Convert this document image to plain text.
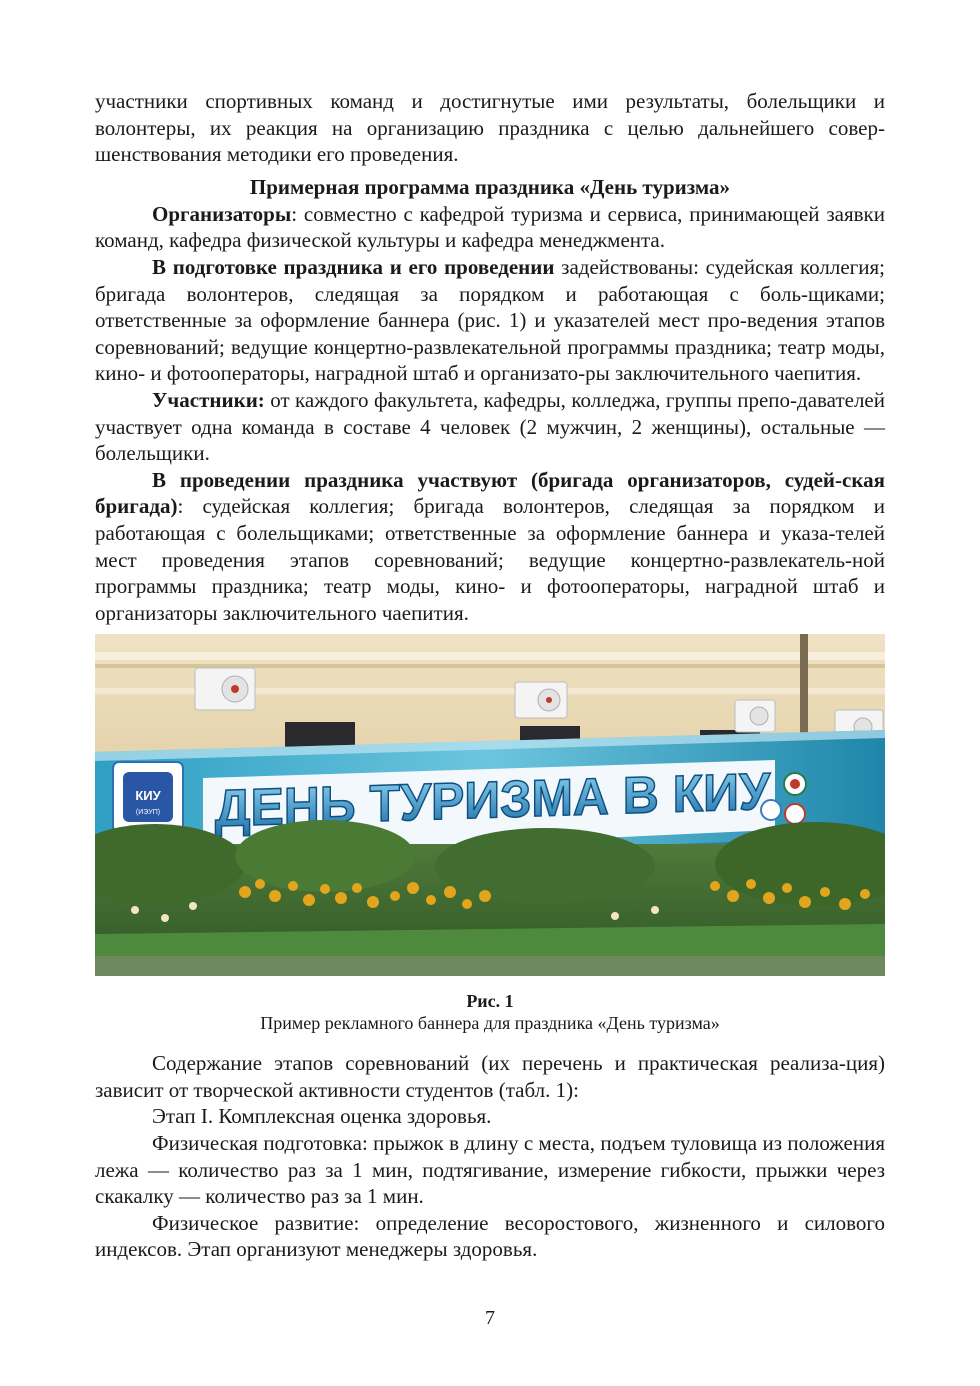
участники спортивных команд и достигнутые ими результаты, болельщики и волонтеры, их реакция на организацию праздника с целью дальнейшего совер-шенствования методики его проведения.

Примерная программа праздника «День туризма»

Организаторы: совместно с кафедрой туризма и сервиса, принимающей заявки команд, кафедра физической культуры и кафедра менеджмента.

В подготовке праздника и его проведении задействованы: судейская коллегия; бригада волонтеров, следящая за порядком и работающая с боль-щиками; ответственные за оформление баннера (рис. 1) и указателей мест про-ведения этапов соревнований; ведущие концертно-развлекательной программы праздника; театр моды, кино- и фотооператоры, наградной штаб и организато-ры заключительного чаепития.

Участники: от каждого факультета, кафедры, колледжа, группы препо-давателей участвует одна команда в составе 4 человек (2 мужчин, 2 женщины), остальные — болельщики.

В проведении праздника участвуют (бригада организаторов, судей-ская бригада): судейская коллегия; бригада волонтеров, следящая за порядком и работающая с болельщиками; ответственные за оформление баннера и указа-телей мест проведения этапов соревнований; ведущие концертно-развлекатель-ной программы праздника; театр моды, кино- и фотооператоры, наградной штаб и организаторы заключительного чаепития.

КИУ
(ИЭУП) ДЕНЬ ТУРИЗМА В КИУ

Рис. 1

Пример рекламного баннера для праздника «День туризма»

Содержание этапов соревнований (их перечень и практическая реализа-ция) зависит от творческой активности студентов (табл. 1):

Этап I. Комплексная оценка здоровья.

Физическая подготовка: прыжок в длину с места, подъем туловища из положения лежа — количество раз за 1 мин, подтягивание, измерение гибкости, прыжки через скакалку — количество раз за 1 мин.

Физическое развитие: определение весоростового, жизненного и силового индексов. Этап организуют менеджеры здоровья.

7
